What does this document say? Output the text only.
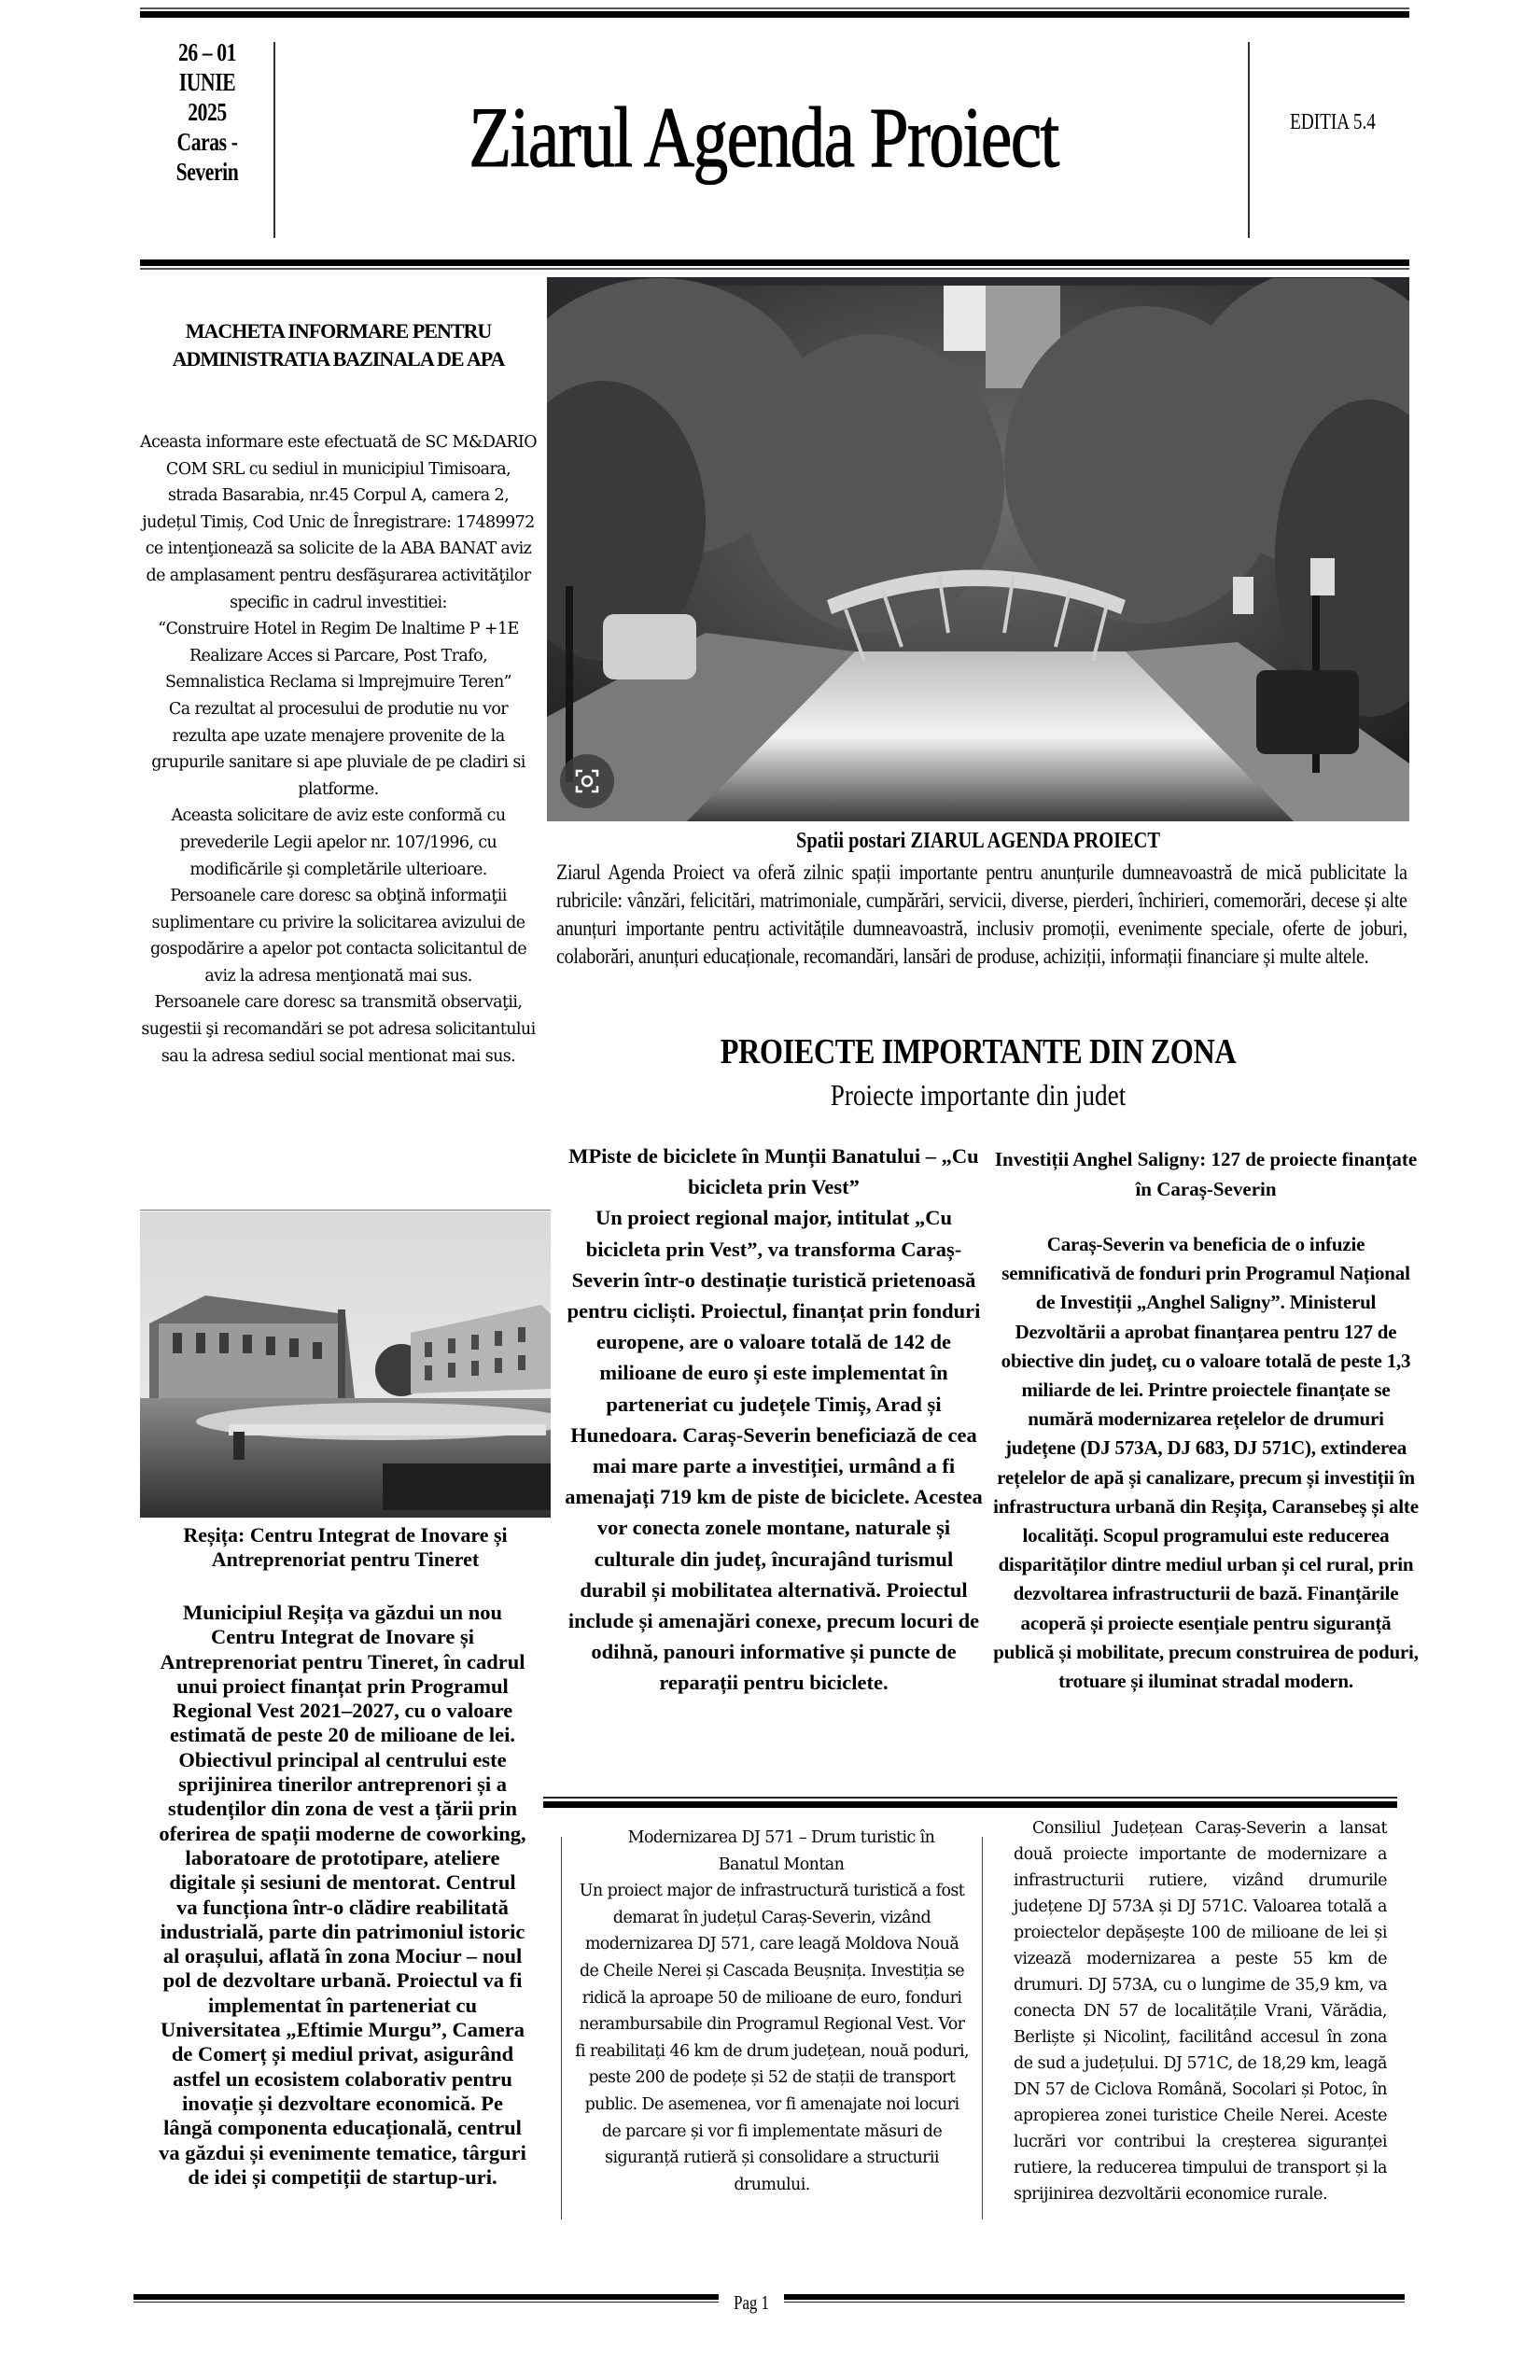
26 – 01
IUNIE
2025
Caras -
Severin	Ziarul Agenda Proiect	EDITIA 5.4
MACHETA INFORMARE PENTRU ADMINISTRATIA BAZINALA DE APA

Aceasta informare este efectuată de SC M&DARIO COM SRL cu sediul in municipiul Timisoara, strada Basarabia, nr.45 Corpul A, camera 2, județul Timiș, Cod Unic de Înregistrare: 17489972 ce intenţionează sa solicite de la ABA BANAT aviz de amplasament pentru desfăşurarea activităţilor specific in cadrul investitiei:

“Construire Hotel in Regim De lnaltime P +1E Realizare Acces si Parcare, Post Trafo, Semnalistica Reclama si lmprejmuire Teren”

Ca rezultat al procesului de produtie nu vor rezulta ape uzate menajere provenite de la grupurile sanitare si ape pluviale de pe cladiri si platforme.

Aceasta solicitare de aviz este conformă cu prevederile Legii apelor nr. 107/1996, cu modificările şi completările ulterioare.

Persoanele care doresc sa obţină informaţii suplimentare cu privire la solicitarea avizului de gospodărire a apelor pot contacta solicitantul de aviz la adresa menţionată mai sus.

Persoanele care doresc sa transmită observaţii, sugestii şi recomandări se pot adresa solicitantului sau la adresa sediul social mentionat mai sus.

Reșița: Centru Integrat de Inovare și Antreprenoriat pentru Tineret
Municipiul Reșița va găzdui un nou Centru Integrat de Inovare și Antreprenoriat pentru Tineret, în cadrul unui proiect finanțat prin Programul Regional Vest 2021–2027, cu o valoare estimată de peste 20 de milioane de lei. Obiectivul principal al centrului este sprijinirea tinerilor antreprenori și a studenților din zona de vest a țării prin oferirea de spații moderne de coworking, laboratoare de prototipare, ateliere digitale și sesiuni de mentorat. Centrul va funcționa într-o clădire reabilitată industrială, parte din patrimoniul istoric al orașului, aflată în zona Mociur – noul pol de dezvoltare urbană. Proiectul va fi implementat în parteneriat cu Universitatea „Eftimie Murgu”, Camera de Comerț și mediul privat, asigurând astfel un ecosistem colaborativ pentru inovație și dezvoltare economică. Pe lângă componenta educațională, centrul va găzdui și evenimente tematice, târguri de idei și competiții de startup-uri.
Spatii postari ZIARUL AGENDA PROIECT
Ziarul Agenda Proiect va oferă zilnic spații importante pentru anunțurile dumneavoastră de mică publicitate la rubricile: vânzări, felicitări, matrimoniale, cumpărări, servicii, diverse, pierderi, închirieri, comemorări, decese și alte anunțuri importante pentru activitățile dumneavoastră, inclusiv promoții, evenimente speciale, oferte de joburi, colaborări, anunțuri educaționale, recomandări, lansări de produse, achiziții, informații financiare și multe altele.
PROIECTE IMPORTANTE DIN ZONA
Proiecte importante din judet
MPiste de biciclete în Munții Banatului – „Cu bicicleta prin Vest”
Un proiect regional major, intitulat „Cu bicicleta prin Vest”, va transforma Caraș-Severin într-o destinație turistică prietenoasă pentru cicliști. Proiectul, finanțat prin fonduri europene, are o valoare totală de 142 de milioane de euro și este implementat în parteneriat cu județele Timiș, Arad și Hunedoara. Caraș-Severin beneficiază de cea mai mare parte a investiției, urmând a fi amenajați 719 km de piste de biciclete. Acestea vor conecta zonele montane, naturale și culturale din județ, încurajând turismul durabil și mobilitatea alternativă. Proiectul include și amenajări conexe, precum locuri de odihnă, panouri informative și puncte de reparații pentru biciclete.
Investiții Anghel Saligny: 127 de proiecte finanțate în Caraș-Severin
Caraș-Severin va beneficia de o infuzie semnificativă de fonduri prin Programul Național de Investiții „Anghel Saligny”. Ministerul Dezvoltării a aprobat finanțarea pentru 127 de obiective din județ, cu o valoare totală de peste 1,3 miliarde de lei. Printre proiectele finanțate se numără modernizarea rețelelor de drumuri județene (DJ 573A, DJ 683, DJ 571C), extinderea rețelelor de apă și canalizare, precum și investiții în infrastructura urbană din Reșița, Caransebeș și alte localități. Scopul programului este reducerea disparităților dintre mediul urban și cel rural, prin dezvoltarea infrastructurii de bază. Finanțările acoperă și proiecte esențiale pentru siguranță publică și mobilitate, precum construirea de poduri, trotuare și iluminat stradal modern.
Modernizarea DJ 571 – Drum turistic în Banatul Montan
Un proiect major de infrastructură turistică a fost demarat în județul Caraș-Severin, vizând modernizarea DJ 571, care leagă Moldova Nouă de Cheile Nerei și Cascada Beușnița. Investiția se ridică la aproape 50 de milioane de euro, fonduri nerambursabile din Programul Regional Vest. Vor fi reabilitați 46 km de drum județean, nouă poduri, peste 200 de podețe și 52 de stații de transport public. De asemenea, vor fi amenajate noi locuri de parcare și vor fi implementate măsuri de siguranță rutieră și consolidare a structurii drumului.

Consiliul Județean Caraș-Severin a lansat două proiecte importante de modernizare a infrastructurii rutiere, vizând drumurile județene DJ 573A și DJ 571C. Valoarea totală a proiectelor depășește 100 de milioane de lei și vizează modernizarea a peste 55 km de drumuri. DJ 573A, cu o lungime de 35,9 km, va conecta DN 57 de localitățile Vrani, Vărădia, Berliște și Nicolinț, facilitând accesul în zona de sud a județului. DJ 571C, de 18,29 km, leagă DN 57 de Ciclova Română, Socolari și Potoc, în apropierea zonei turistice Cheile Nerei. Aceste lucrări vor contribui la creșterea siguranței rutiere, la reducerea timpului de transport și la sprijinirea dezvoltării economice rurale.

Pag 1
